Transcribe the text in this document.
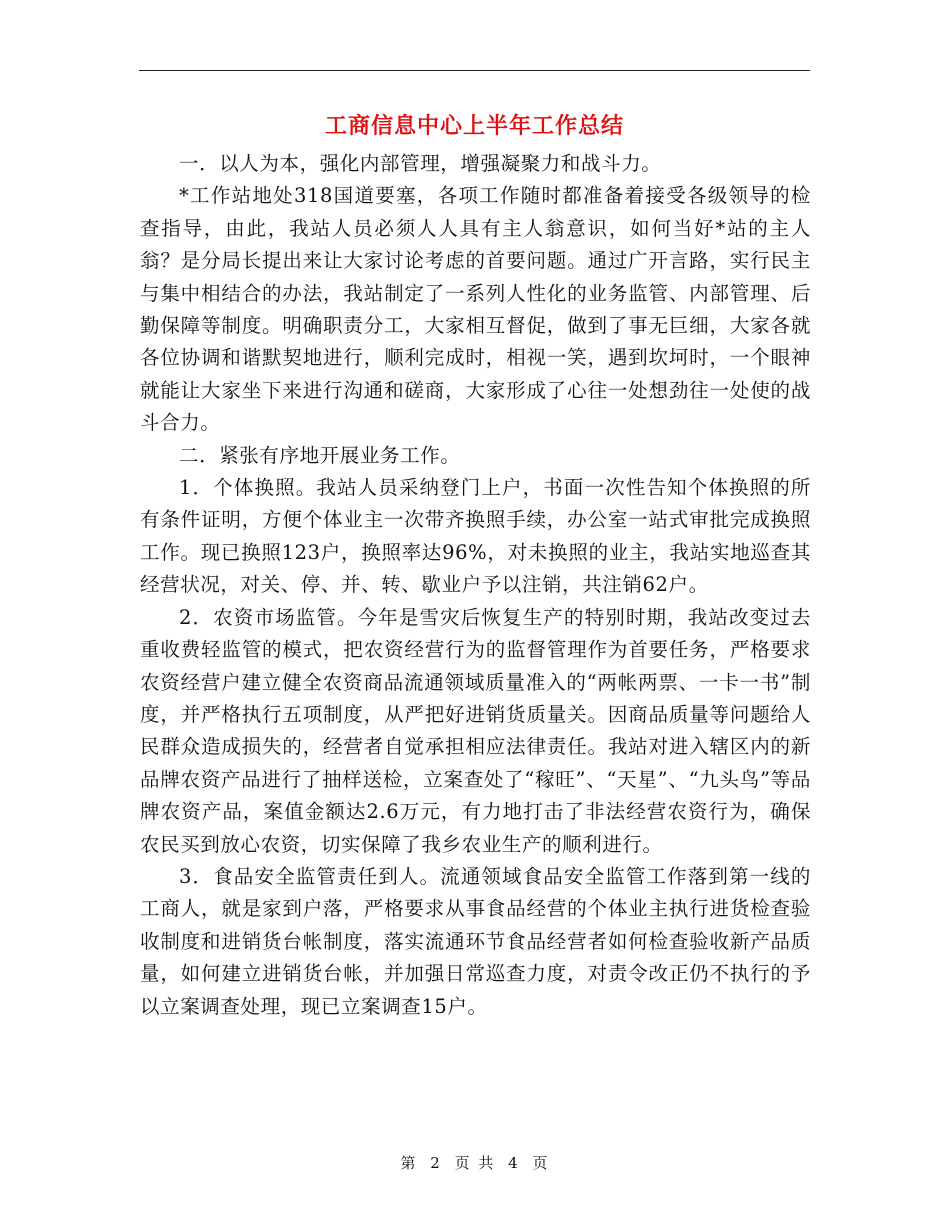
工商信息中心上半年工作总结

一．以人为本，强化内部管理，增强凝聚力和战斗力。

*工作站地处318国道要塞，各项工作随时都准备着接受各级领导的检查指导，由此，我站人员必须人人具有主人翁意识，如何当好*站的主人翁？是分局长提出来让大家讨论考虑的首要问题。通过广开言路，实行民主与集中相结合的办法，我站制定了一系列人性化的业务监管、内部管理、后勤保障等制度。明确职责分工，大家相互督促，做到了事无巨细，大家各就各位协调和谐默契地进行，顺利完成时，相视一笑，遇到坎坷时，一个眼神就能让大家坐下来进行沟通和磋商，大家形成了心往一处想劲往一处使的战斗合力。

二．紧张有序地开展业务工作。

1．个体换照。我站人员采纳登门上户，书面一次性告知个体换照的所有条件证明，方便个体业主一次带齐换照手续，办公室一站式审批完成换照工作。现已换照123户，换照率达96%，对未换照的业主，我站实地巡查其经营状况，对关、停、并、转、歇业户予以注销，共注销62户。

2．农资市场监管。今年是雪灾后恢复生产的特别时期，我站改变过去重收费轻监管的模式，把农资经营行为的监督管理作为首要任务，严格要求农资经营户建立健全农资商品流通领域质量准入的“两帐两票、一卡一书”制度，并严格执行五项制度，从严把好进销货质量关。因商品质量等问题给人民群众造成损失的，经营者自觉承担相应法律责任。我站对进入辖区内的新品牌农资产品进行了抽样送检，立案查处了“稼旺”、“天星”、“九头鸟”等品牌农资产品，案值金额达2.6万元，有力地打击了非法经营农资行为，确保农民买到放心农资，切实保障了我乡农业生产的顺利进行。

3．食品安全监管责任到人。流通领域食品安全监管工作落到第一线的工商人，就是家到户落，严格要求从事食品经营的个体业主执行进货检查验收制度和进销货台帐制度，落实流通环节食品经营者如何检查验收新产品质量，如何建立进销货台帐，并加强日常巡查力度，对责令改正仍不执行的予以立案调查处理，现已立案调查15户。

第 2 页 共 4 页
